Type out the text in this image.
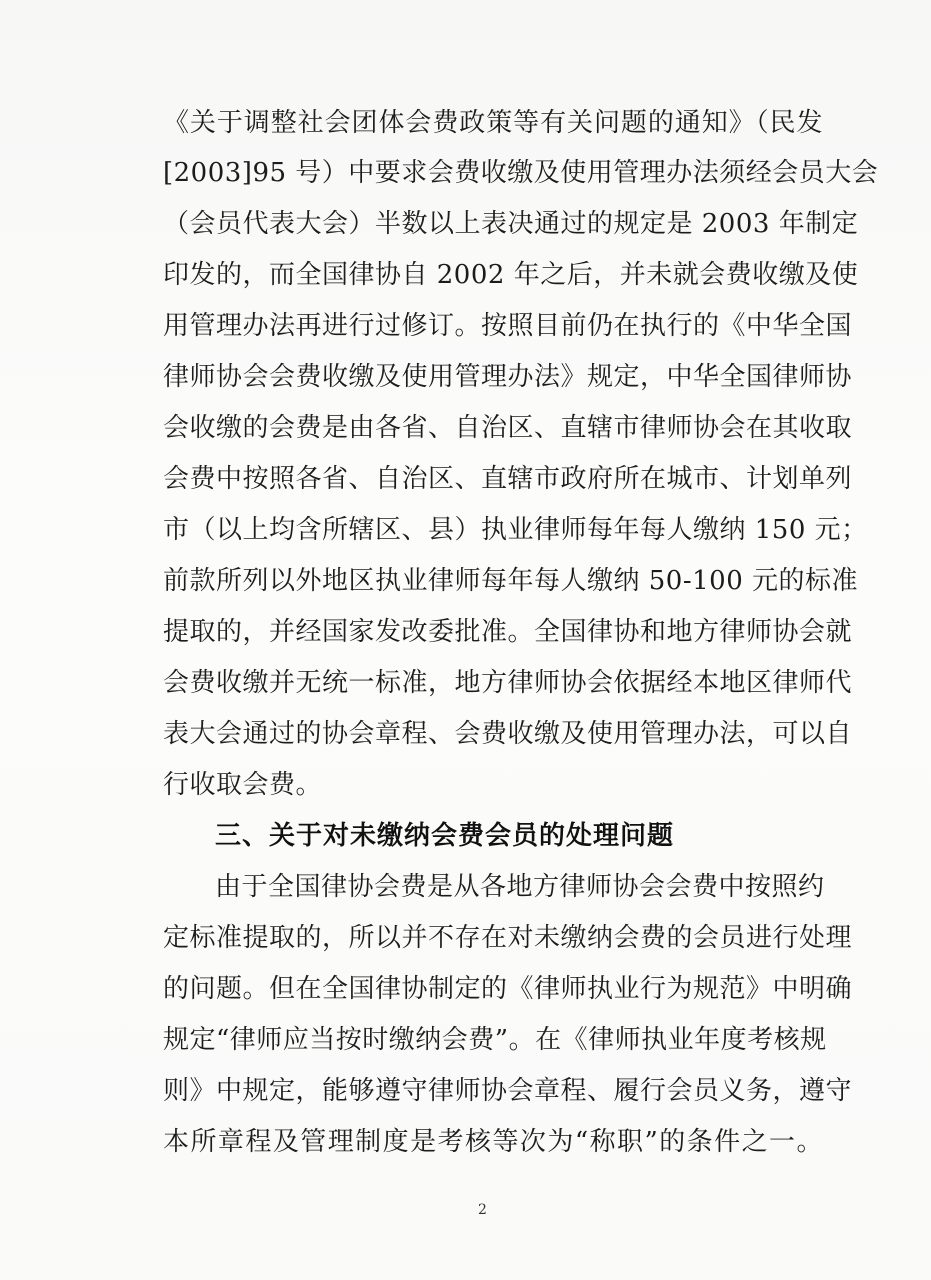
《关于调整社会团体会费政策等有关问题的通知》（民发
[2003]95 号）中要求会费收缴及使用管理办法须经会员大会
（会员代表大会）半数以上表决通过的规定是 2003 年制定
印发的，而全国律协自 2002 年之后，并未就会费收缴及使
用管理办法再进行过修订。按照目前仍在执行的《中华全国
律师协会会费收缴及使用管理办法》规定，中华全国律师协
会收缴的会费是由各省、自治区、直辖市律师协会在其收取
会费中按照各省、自治区、直辖市政府所在城市、计划单列
市（以上均含所辖区、县）执业律师每年每人缴纳 150 元；
前款所列以外地区执业律师每年每人缴纳 50-100 元的标准
提取的，并经国家发改委批准。全国律协和地方律师协会就
会费收缴并无统一标准，地方律师协会依据经本地区律师代
表大会通过的协会章程、会费收缴及使用管理办法，可以自
行收取会费。
三、关于对未缴纳会费会员的处理问题
由于全国律协会费是从各地方律师协会会费中按照约
定标准提取的，所以并不存在对未缴纳会费的会员进行处理
的问题。但在全国律协制定的《律师执业行为规范》中明确
规定“律师应当按时缴纳会费”。在《律师执业年度考核规
则》中规定，能够遵守律师协会章程、履行会员义务，遵守
本所章程及管理制度是考核等次为“称职”的条件之一。
2
